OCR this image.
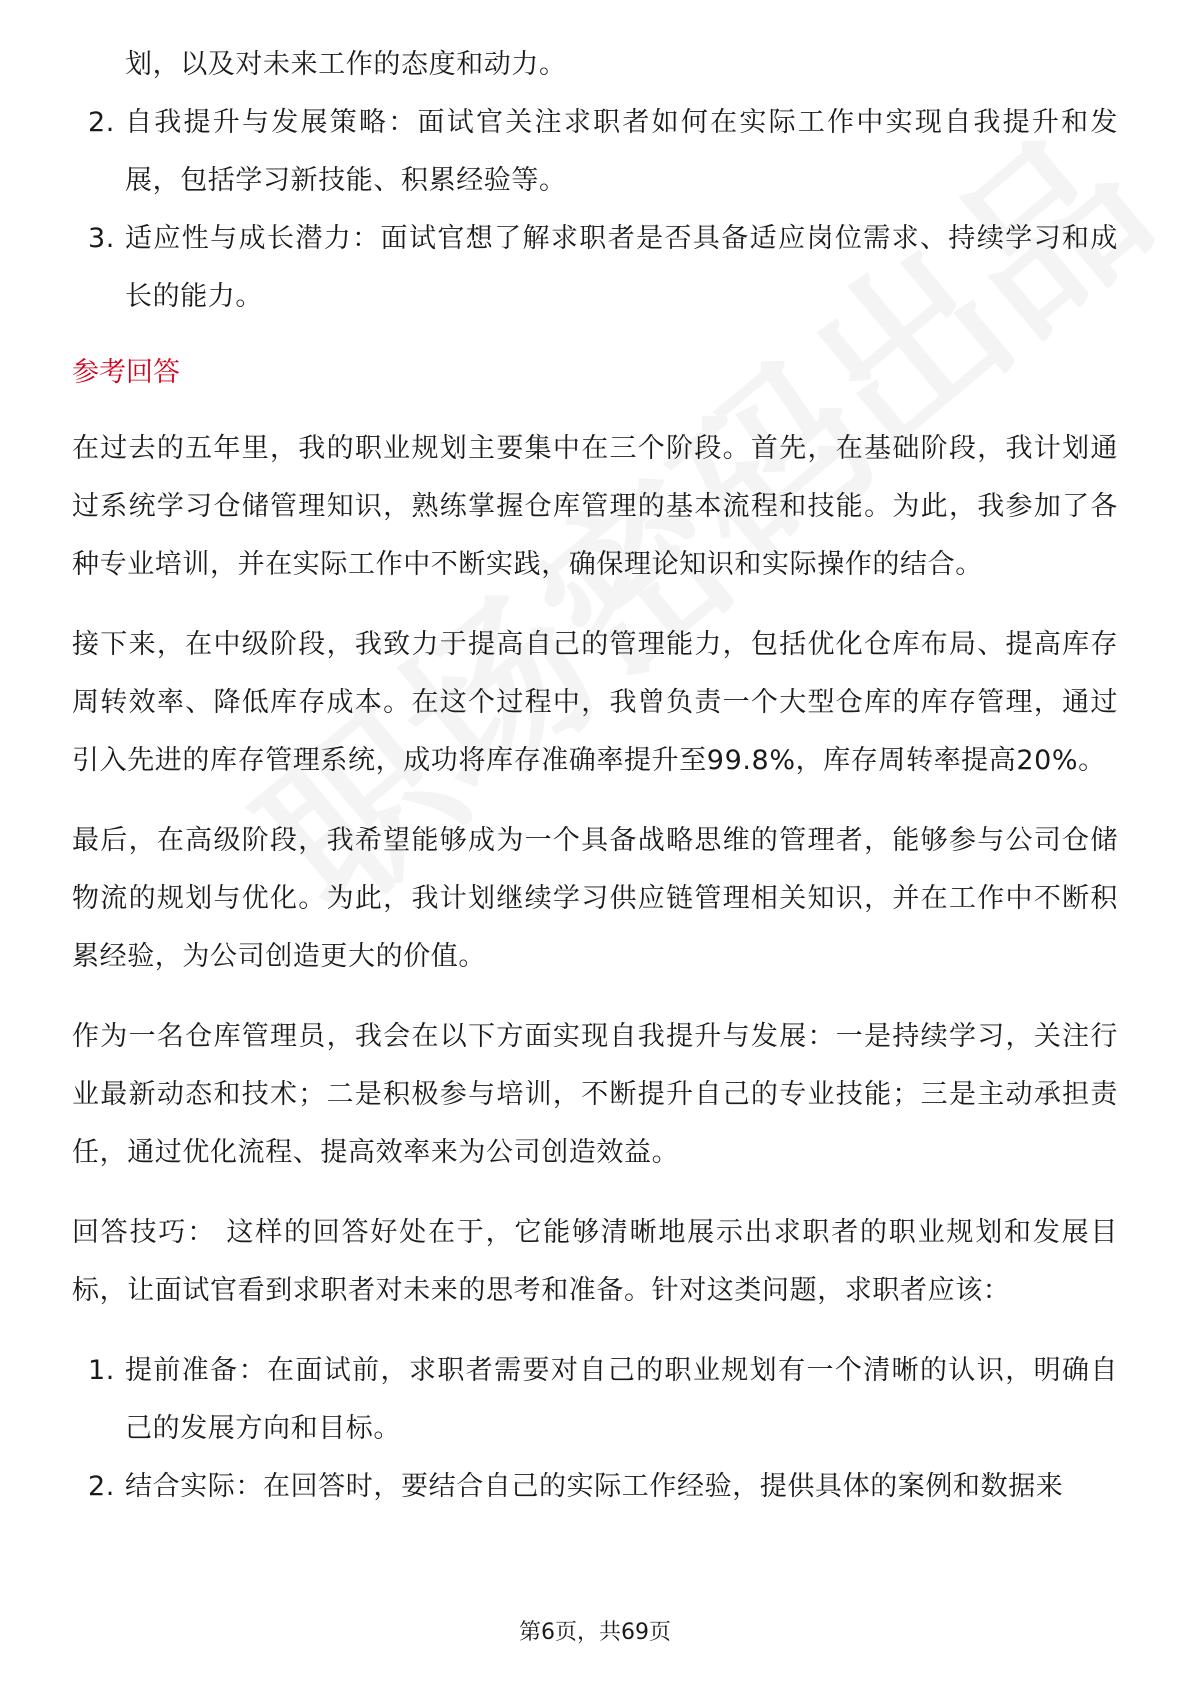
划，以及对未来工作的态度和动力。
2. 自我提升与发展策略：面试官关注求职者如何在实际工作中实现自我提升和发展，包括学习新技能、积累经验等。
3. 适应性与成长潜力：面试官想了解求职者是否具备适应岗位需求、持续学习和成长的能力。
参考回答

在过去的五年里，我的职业规划主要集中在三个阶段。首先，在基础阶段，我计划通过系统学习仓储管理知识，熟练掌握仓库管理的基本流程和技能。为此，我参加了各种专业培训，并在实际工作中不断实践，确保理论知识和实际操作的结合。

接下来，在中级阶段，我致力于提高自己的管理能力，包括优化仓库布局、提高库存周转效率、降低库存成本。在这个过程中，我曾负责一个大型仓库的库存管理，通过引入先进的库存管理系统，成功将库存准确率提升至99.8%，库存周转率提高20%。

最后，在高级阶段，我希望能够成为一个具备战略思维的管理者，能够参与公司仓储物流的规划与优化。为此，我计划继续学习供应链管理相关知识，并在工作中不断积累经验，为公司创造更大的价值。

作为一名仓库管理员，我会在以下方面实现自我提升与发展：一是持续学习，关注行业最新动态和技术；二是积极参与培训，不断提升自己的专业技能；三是主动承担责任，通过优化流程、提高效率来为公司创造效益。

回答技巧： 这样的回答好处在于，它能够清晰地展示出求职者的职业规划和发展目标，让面试官看到求职者对未来的思考和准备。针对这类问题，求职者应该：

1. 提前准备：在面试前，求职者需要对自己的职业规划有一个清晰的认识，明确自己的发展方向和目标。
2. 结合实际：在回答时，要结合自己的实际工作经验，提供具体的案例和数据来
第6页，共69页
